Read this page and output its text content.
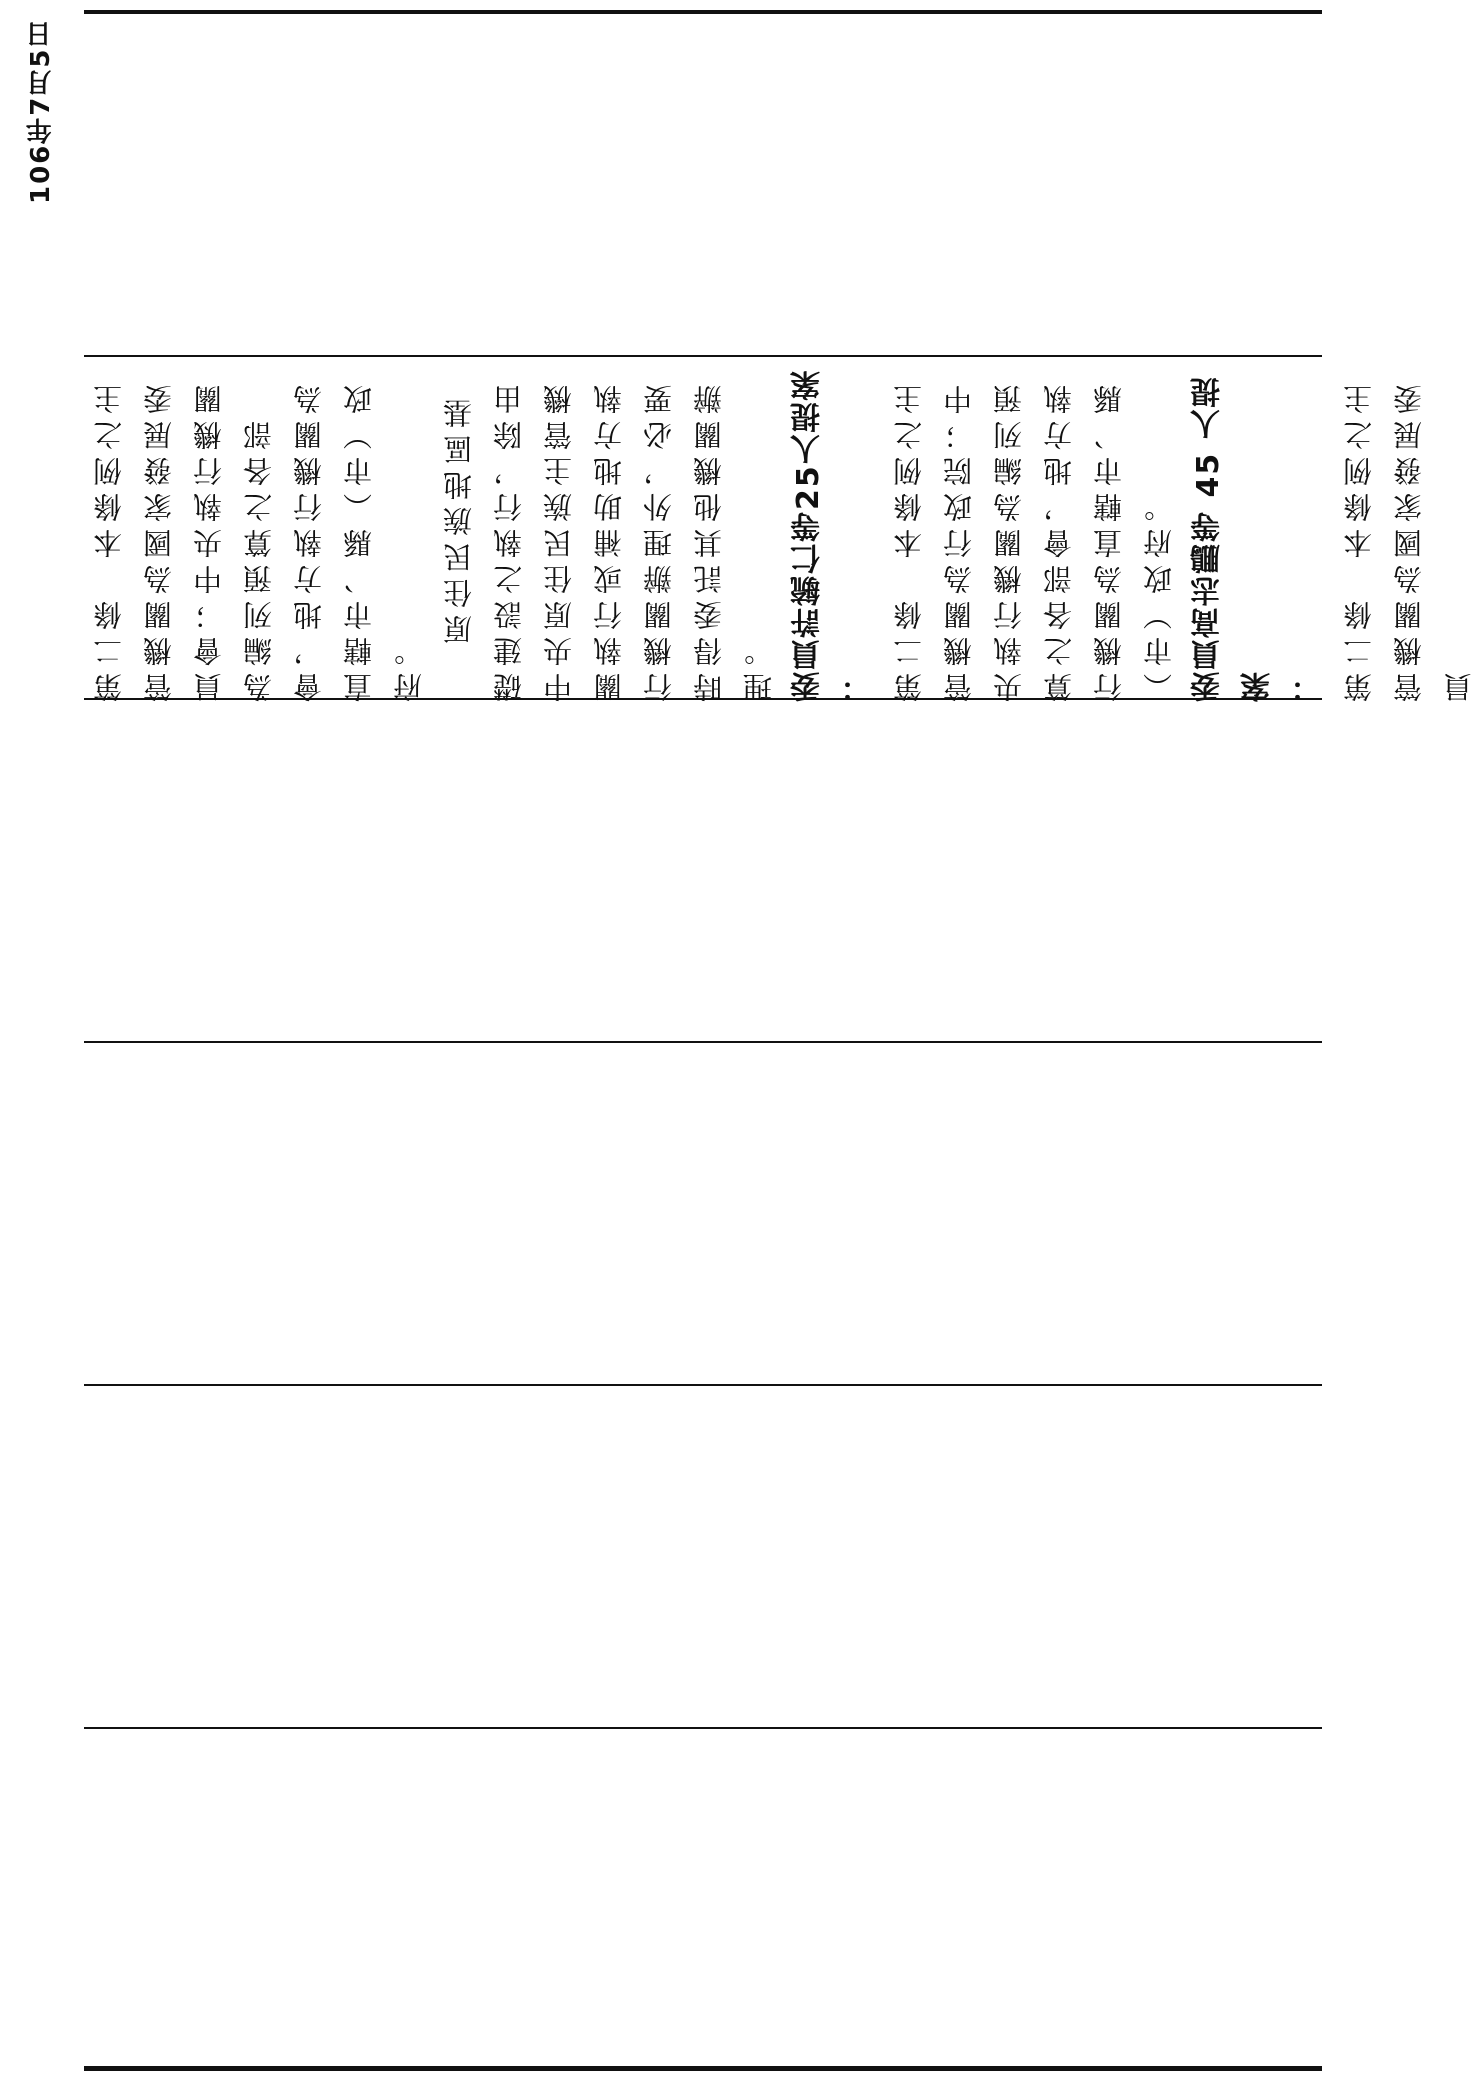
106年7月5日
第二條　本條例之主管機關為國家發展委員會；中央執行機關為編列預算之各部會，地方執行機關為直轄市、縣（市）政府。
原住民族地區基礎建設之執行，除由中央原住民族主管機關執行或補助地方執行機關辦理外，必要時得委託其他機關辦理。 委員許毓仁等25人提案 ： 第二條　本條例之主管機關為行政院；中央執行機關為編列預算之各部會，地方執行機關為直轄市、縣（市）政府。 委員高志鵬等 45 人提案 ： 第二條　本條例之主管機關為國家發展委員
